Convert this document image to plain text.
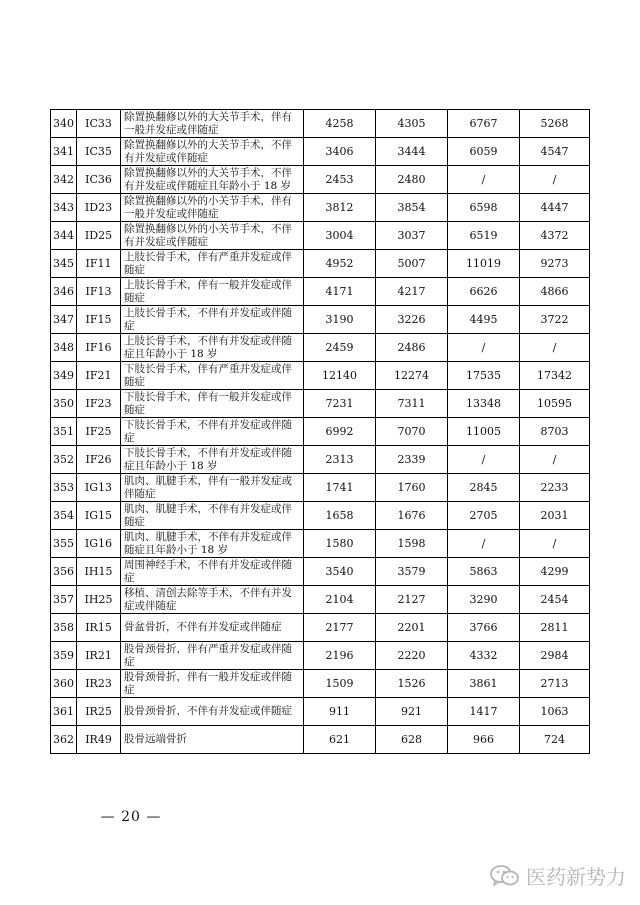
340	IC33	除置换翻修以外的大关节手术，伴有一般并发症或伴随症	4258	4305	6767	5268
341	IC35	除置换翻修以外的大关节手术，不伴有并发症或伴随症	3406	3444	6059	4547
342	IC36	除置换翻修以外的大关节手术，不伴有并发症或伴随症且年龄小于 18 岁	2453	2480	/	/
343	ID23	除置换翻修以外的小关节手术，伴有一般并发症或伴随症	3812	3854	6598	4447
344	ID25	除置换翻修以外的小关节手术，不伴有并发症或伴随症	3004	3037	6519	4372
345	IF11	上肢长骨手术，伴有严重并发症或伴随症	4952	5007	11019	9273
346	IF13	上肢长骨手术，伴有一般并发症或伴随症	4171	4217	6626	4866
347	IF15	上肢长骨手术，不伴有并发症或伴随症	3190	3226	4495	3722
348	IF16	上肢长骨手术，不伴有并发症或伴随症且年龄小于 18 岁	2459	2486	/	/
349	IF21	下肢长骨手术，伴有严重并发症或伴随症	12140	12274	17535	17342
350	IF23	下肢长骨手术，伴有一般并发症或伴随症	7231	7311	13348	10595
351	IF25	下肢长骨手术，不伴有并发症或伴随症	6992	7070	11005	8703
352	IF26	下肢长骨手术，不伴有并发症或伴随症且年龄小于 18 岁	2313	2339	/	/
353	IG13	肌肉、肌腱手术，伴有一般并发症或伴随症	1741	1760	2845	2233
354	IG15	肌肉、肌腱手术，不伴有并发症或伴随症	1658	1676	2705	2031
355	IG16	肌肉、肌腱手术，不伴有并发症或伴随症且年龄小于 18 岁	1580	1598	/	/
356	IH15	周围神经手术，不伴有并发症或伴随症	3540	3579	5863	4299
357	IH25	移植、清创去除等手术，不伴有并发症或伴随症	2104	2127	3290	2454
358	IR15	骨盆骨折，不伴有并发症或伴随症	2177	2201	3766	2811
359	IR21	股骨颈骨折，伴有严重并发症或伴随症	2196	2220	4332	2984
360	IR23	股骨颈骨折，伴有一般并发症或伴随症	1509	1526	3861	2713
361	IR25	股骨颈骨折，不伴有并发症或伴随症	911	921	1417	1063
362	IR49	股骨远端骨折	621	628	966	724
— 20 —
医药新势力
